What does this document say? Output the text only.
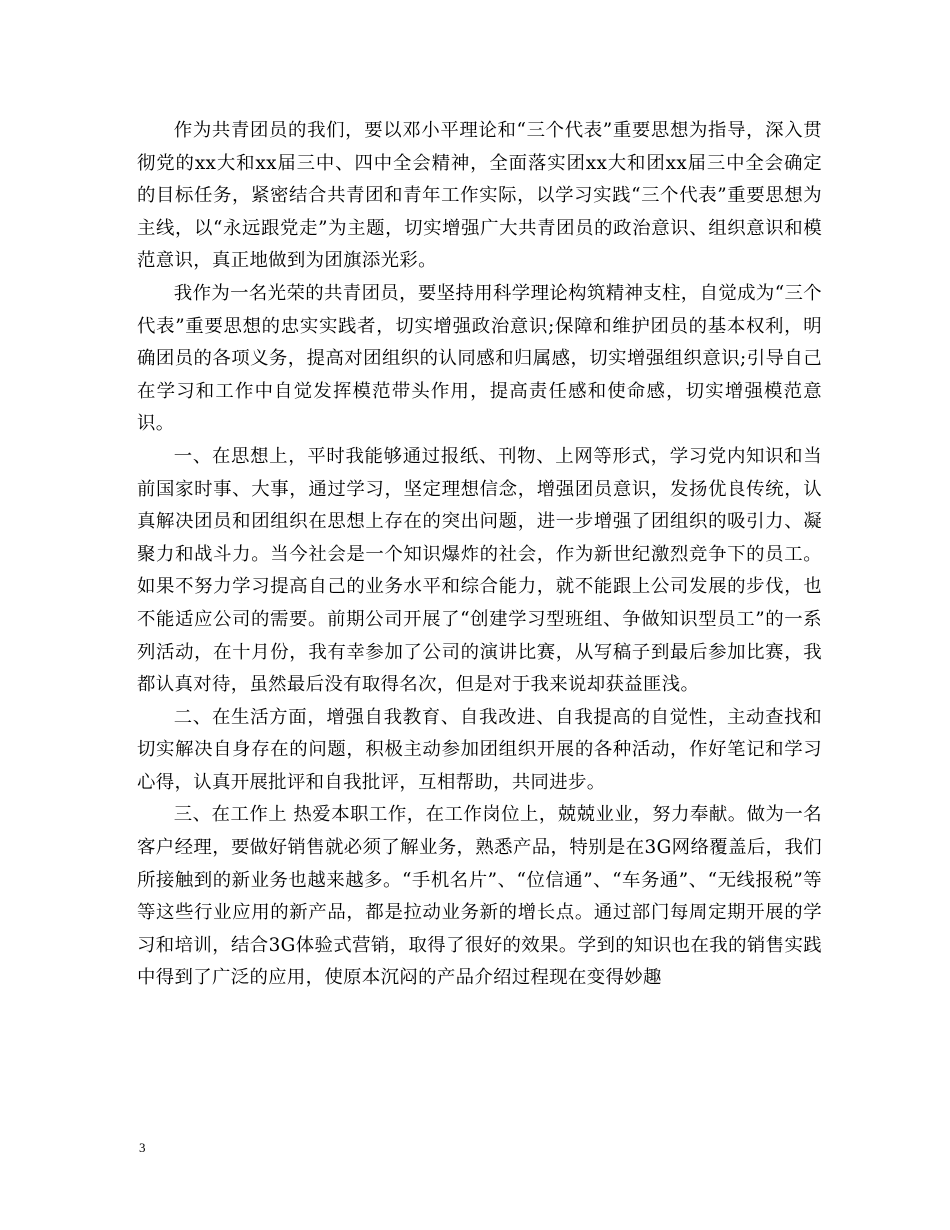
作为共青团员的我们，要以邓小平理论和“三个代表”重要思想为指导，深入贯彻党的xx大和xx届三中、四中全会精神，全面落实团xx大和团xx届三中全会确定的目标任务，紧密结合共青团和青年工作实际，以学习实践“三个代表”重要思想为主线，以“永远跟党走”为主题，切实增强广大共青团员的政治意识、组织意识和模范意识，真正地做到为团旗添光彩。

我作为一名光荣的共青团员，要坚持用科学理论构筑精神支柱，自觉成为“三个代表”重要思想的忠实实践者，切实增强政治意识;保障和维护团员的基本权利，明确团员的各项义务，提高对团组织的认同感和归属感，切实增强组织意识;引导自己在学习和工作中自觉发挥模范带头作用，提高责任感和使命感，切实增强模范意识。

一、在思想上，平时我能够通过报纸、刊物、上网等形式，学习党内知识和当前国家时事、大事，通过学习，坚定理想信念，增强团员意识，发扬优良传统，认真解决团员和团组织在思想上存在的突出问题，进一步增强了团组织的吸引力、凝聚力和战斗力。当今社会是一个知识爆炸的社会，作为新世纪激烈竞争下的员工。如果不努力学习提高自己的业务水平和综合能力，就不能跟上公司发展的步伐，也不能适应公司的需要。前期公司开展了“创建学习型班组、争做知识型员工”的一系列活动，在十月份，我有幸参加了公司的演讲比赛，从写稿子到最后参加比赛，我都认真对待，虽然最后没有取得名次，但是对于我来说却获益匪浅。

二、在生活方面，增强自我教育、自我改进、自我提高的自觉性，主动查找和切实解决自身存在的问题，积极主动参加团组织开展的各种活动，作好笔记和学习心得，认真开展批评和自我批评，互相帮助，共同进步。

三、在工作上 热爱本职工作，在工作岗位上，兢兢业业，努力奉献。做为一名客户经理，要做好销售就必须了解业务，熟悉产品，特别是在3G网络覆盖后，我们所接触到的新业务也越来越多。“手机名片”、“位信通”、“车务通”、“无线报税”等等这些行业应用的新产品，都是拉动业务新的增长点。通过部门每周定期开展的学习和培训，结合3G体验式营销，取得了很好的效果。学到的知识也在我的销售实践中得到了广泛的应用，使原本沉闷的产品介绍过程现在变得妙趣

3
